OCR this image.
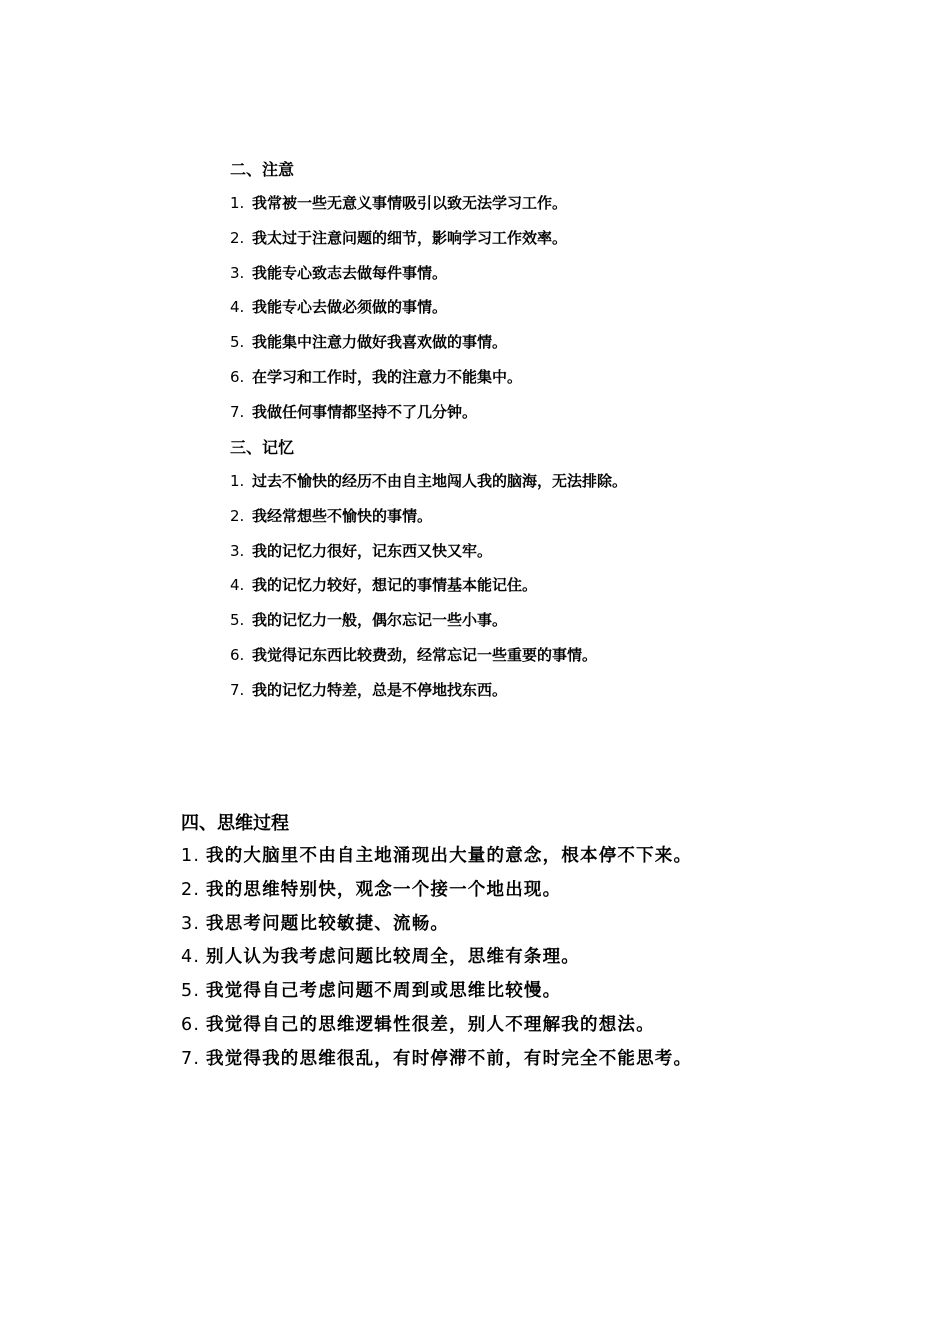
二、注意
1. 我常被一些无意义事情吸引以致无法学习工作。
2. 我太过于注意问题的细节，影响学习工作效率。
3. 我能专心致志去做每件事情。
4. 我能专心去做必须做的事情。
5. 我能集中注意力做好我喜欢做的事情。
6. 在学习和工作时，我的注意力不能集中。
7. 我做任何事情都坚持不了几分钟。
三、记忆
1. 过去不愉快的经历不由自主地闯人我的脑海，无法排除。
2. 我经常想些不愉快的事情。
3. 我的记忆力很好，记东西又快又牢。
4. 我的记忆力较好，想记的事情基本能记住。
5. 我的记忆力一般，偶尔忘记一些小事。
6. 我觉得记东西比较费劲，经常忘记一些重要的事情。
7. 我的记忆力特差，总是不停地找东西。
四、思维过程
1. 我的大脑里不由自主地涌现出大量的意念，根本停不下来。
2. 我的思维特别快，观念一个接一个地出现。
3. 我思考问题比较敏捷、流畅。
4. 别人认为我考虑问题比较周全，思维有条理。
5. 我觉得自己考虑问题不周到或思维比较慢。
6. 我觉得自己的思维逻辑性很差，别人不理解我的想法。
7. 我觉得我的思维很乱，有时停滞不前，有时完全不能思考。
